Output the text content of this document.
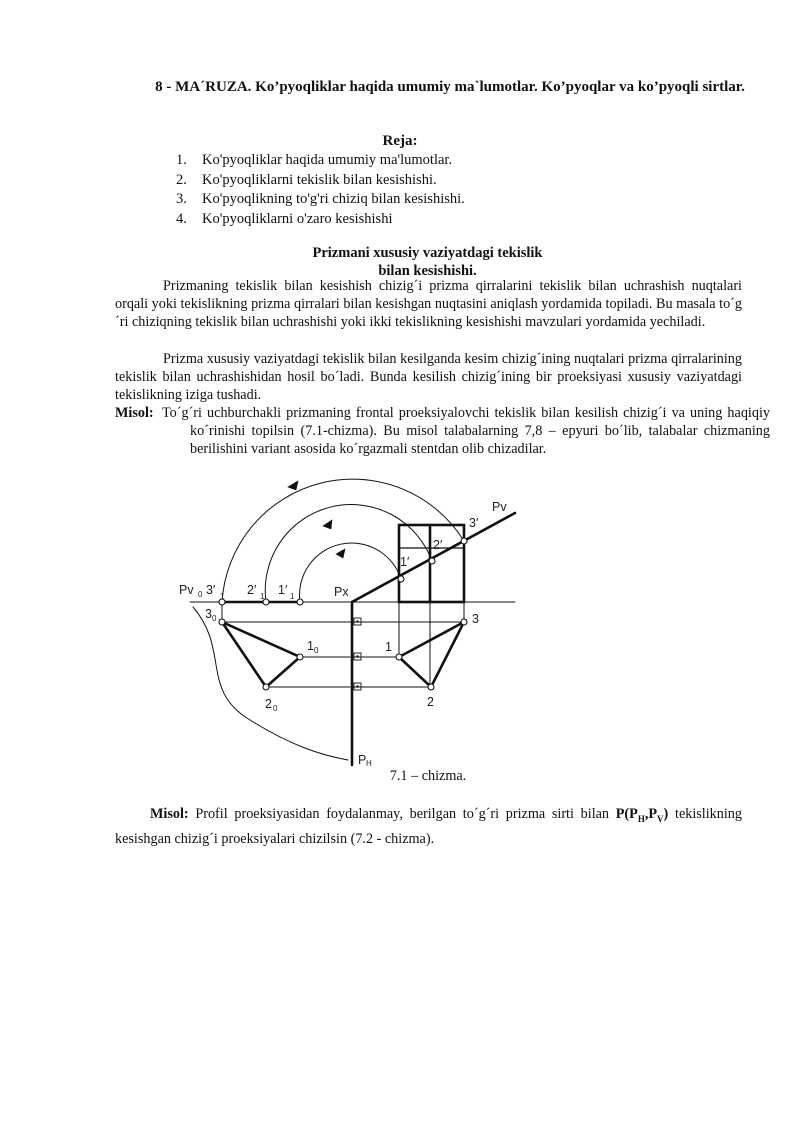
8 - MA´RUZA. Ko’pyoqliklar haqida umumiy ma`lumotlar. Ko’pyoqlar va ko’pyoqli sirtlar.
Reja:
1. Ko'pyoqliklar haqida umumiy ma'lumotlar.
2. Ko'pyoqliklarni tekislik bilan kesishishi.
3. Ko'pyoqlikning to'g'ri chiziq bilan kesishishi.
4. Ko'pyoqliklarni o'zaro kesishishi
Prizmani xususiy vaziyatdagi tekislik
bilan kesishishi.
Prizmaning tekislik bilan kesishish chizig´i prizma qirralarini tekislik bilan uchrashish nuqtalari orqali yoki tekislikning prizma qirralari bilan kesishgan nuqtasini aniqlash yordamida topiladi. Bu masala to´g´ri chiziqning tekislik bilan uchrashishi yoki ikki tekislikning kesishishi mavzulari yordamida yechiladi.
Prizma xususiy vaziyatdagi tekislik bilan kesilganda kesim chizig´ining nuqtalari prizma qirralarining tekislik bilan uchrashishidan hosil bo´ladi. Bunda kesilish chizig´ining bir proeksiyasi xususiy vaziyatdagi tekislikning iziga tushadi.
Misol: To´g´ri uchburchakli prizmaning frontal proeksiyalovchi tekislik bilan kesilish chizig´i va uning haqiqiy ko´rinishi topilsin (7.1-chizma). Bu misol talabalarning 7,8 – epyuri bo´lib, talabalar chizmaning berilishini variant asosida ko´rgazmali stentdan olib chizadilar.
Pv
3′
2′
1′
Pv 0 3′ 1 2′ 1 1′ 1	Px
3 0
1 0
2 0
1
2
3
P H
7.1 – chizma.
Misol: Profil proeksiyasidan foydalanmay, berilgan to´g´ri prizma sirti bilan $P(P_H,P_V)$ tekislikning kesishgan chizig´i proeksiyalari chizilsin (7.2 - chizma).
